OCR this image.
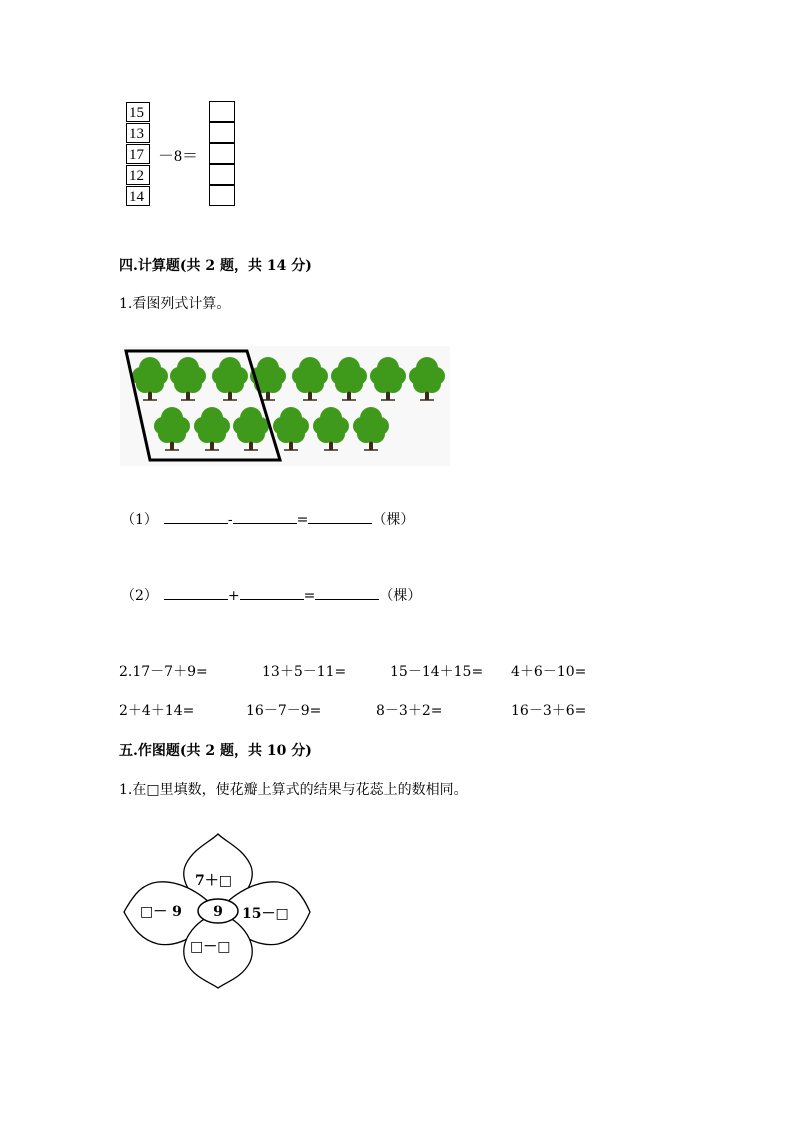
15
13
17
12
14
－8＝
四.计算题(共 2 题，共 14 分)
1.看图列式计算。
（1）	-	=	（棵）
（2）	+	=	（棵）
2.17－7＋9=	13＋5－11=	15－14＋15= 4＋6－10=
2＋4＋14=	16－7－9=	8－3＋2=	16－3＋6=
五.作图题(共 2 题，共 10 分)
1.在□里填数，使花瓣上算式的结果与花蕊上的数相同。
9
7＋□
□－ 9	15－□
□－□
